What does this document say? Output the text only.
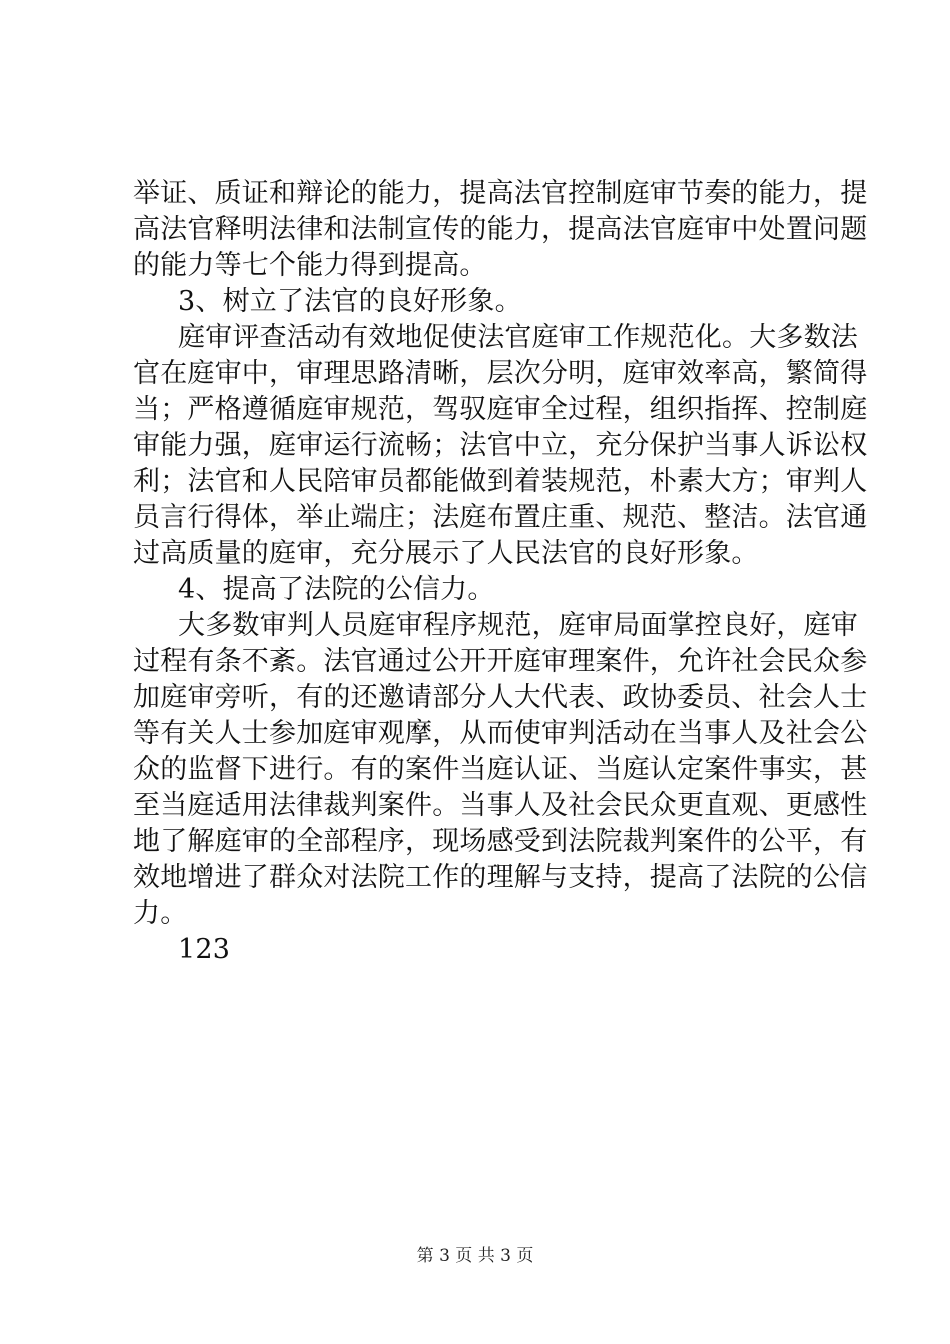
举证、质证和辩论的能力，提高法官控制庭审节奏的能力，提
高法官释明法律和法制宣传的能力，提高法官庭审中处置问题
的能力等七个能力得到提高。
3、树立了法官的良好形象。
庭审评查活动有效地促使法官庭审工作规范化。大多数法
官在庭审中，审理思路清晰，层次分明，庭审效率高，繁简得
当；严格遵循庭审规范，驾驭庭审全过程，组织指挥、控制庭
审能力强，庭审运行流畅；法官中立，充分保护当事人诉讼权
利；法官和人民陪审员都能做到着装规范，朴素大方；审判人
员言行得体，举止端庄；法庭布置庄重、规范、整洁。法官通
过高质量的庭审，充分展示了人民法官的良好形象。
4、提高了法院的公信力。
大多数审判人员庭审程序规范，庭审局面掌控良好，庭审
过程有条不紊。法官通过公开开庭审理案件，允许社会民众参
加庭审旁听，有的还邀请部分人大代表、政协委员、社会人士
等有关人士参加庭审观摩，从而使审判活动在当事人及社会公
众的监督下进行。有的案件当庭认证、当庭认定案件事实，甚
至当庭适用法律裁判案件。当事人及社会民众更直观、更感性
地了解庭审的全部程序，现场感受到法院裁判案件的公平，有
效地增进了群众对法院工作的理解与支持，提高了法院的公信
力。
123
第 3 页 共 3 页
